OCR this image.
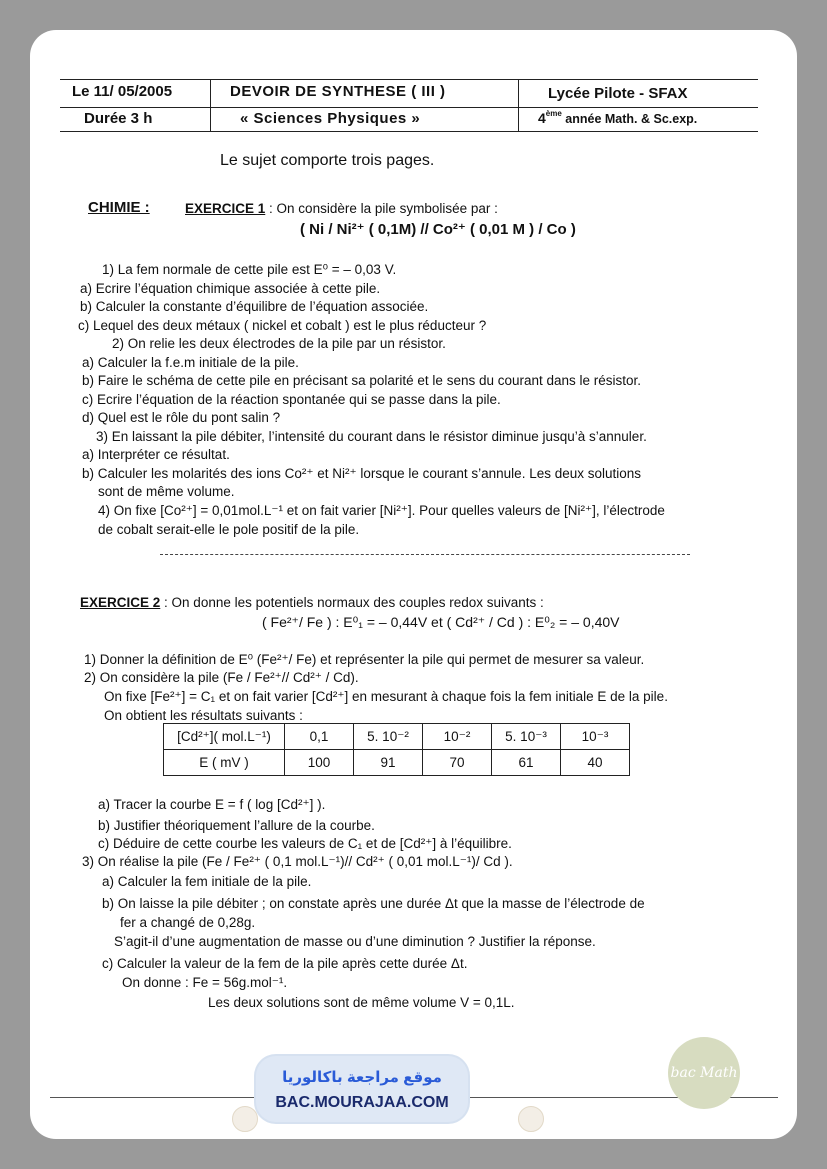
Le 11/ 05/2005	DEVOIR DE SYNTHESE ( III )	Lycée Pilote - SFAX
Durée 3 h	« Sciences Physiques »	4ème année Math. & Sc.exp.
Le sujet comporte trois pages.
CHIMIE :	EXERCICE 1 : On considère la pile symbolisée par :
( Ni / Ni²⁺ ( 0,1M) // Co²⁺ ( 0,01 M ) / Co )
1) La fem normale de cette pile est E⁰ = – 0,03 V.
a) Ecrire l’équation chimique associée à cette pile.
b) Calculer la constante d’équilibre de l’équation associée.
c) Lequel des deux métaux ( nickel et cobalt ) est le plus réducteur ?
2) On relie les deux électrodes de la pile par un résistor.
a) Calculer la f.e.m initiale de la pile.
b) Faire le schéma de cette pile en précisant sa polarité et le sens du courant dans le résistor.
c) Ecrire l’équation de la réaction spontanée qui se passe dans la pile.
d) Quel est le rôle du pont salin ?
3) En laissant la pile débiter, l’intensité du courant dans le résistor diminue jusqu’à s’annuler.
a) Interpréter ce résultat.
b) Calculer les molarités des ions Co²⁺ et Ni²⁺ lorsque le courant s’annule. Les deux solutions
sont de même volume.
4) On fixe [Co²⁺] = 0,01mol.L⁻¹ et on fait varier [Ni²⁺]. Pour quelles valeurs de [Ni²⁺], l’électrode
de cobalt serait-elle le pole positif de la pile.
EXERCICE 2 : On donne les potentiels normaux des couples redox suivants :
( Fe²⁺/ Fe ) : E⁰₁ = – 0,44V et ( Cd²⁺ / Cd ) : E⁰₂ = – 0,40V
1) Donner la définition de E⁰ (Fe²⁺/ Fe) et représenter la pile qui permet de mesurer sa valeur.
2) On considère la pile (Fe / Fe²⁺// Cd²⁺ / Cd).
On fixe [Fe²⁺] = C₁ et on fait varier [Cd²⁺] en mesurant à chaque fois la fem initiale E de la pile.
On obtient les résultats suivants :
[Cd²⁺]( mol.L⁻¹)	0,1	5. 10⁻²	10⁻²	5. 10⁻³	10⁻³
E ( mV )	100	91	70	61	40
a) Tracer la courbe E = f ( log [Cd²⁺] ).
b) Justifier théoriquement l’allure de la courbe.
c) Déduire de cette courbe les valeurs de C₁ et de [Cd²⁺] à l’équilibre.
3) On réalise la pile (Fe / Fe²⁺ ( 0,1 mol.L⁻¹)// Cd²⁺ ( 0,01 mol.L⁻¹)/ Cd ).
a) Calculer la fem initiale de la pile.
b) On laisse la pile débiter ; on constate après une durée Δt que la masse de l’électrode de
fer a changé de 0,28g.
S’agit-il d’une augmentation de masse ou d’une diminution ? Justifier la réponse.
c) Calculer la valeur de la fem de la pile après cette durée Δt.
On donne : Fe = 56g.mol⁻¹.
Les deux solutions sont de même volume V = 0,1L.
موقع مراجعة باكالوريا
BAC.MOURAJAA.COM
bac Math
